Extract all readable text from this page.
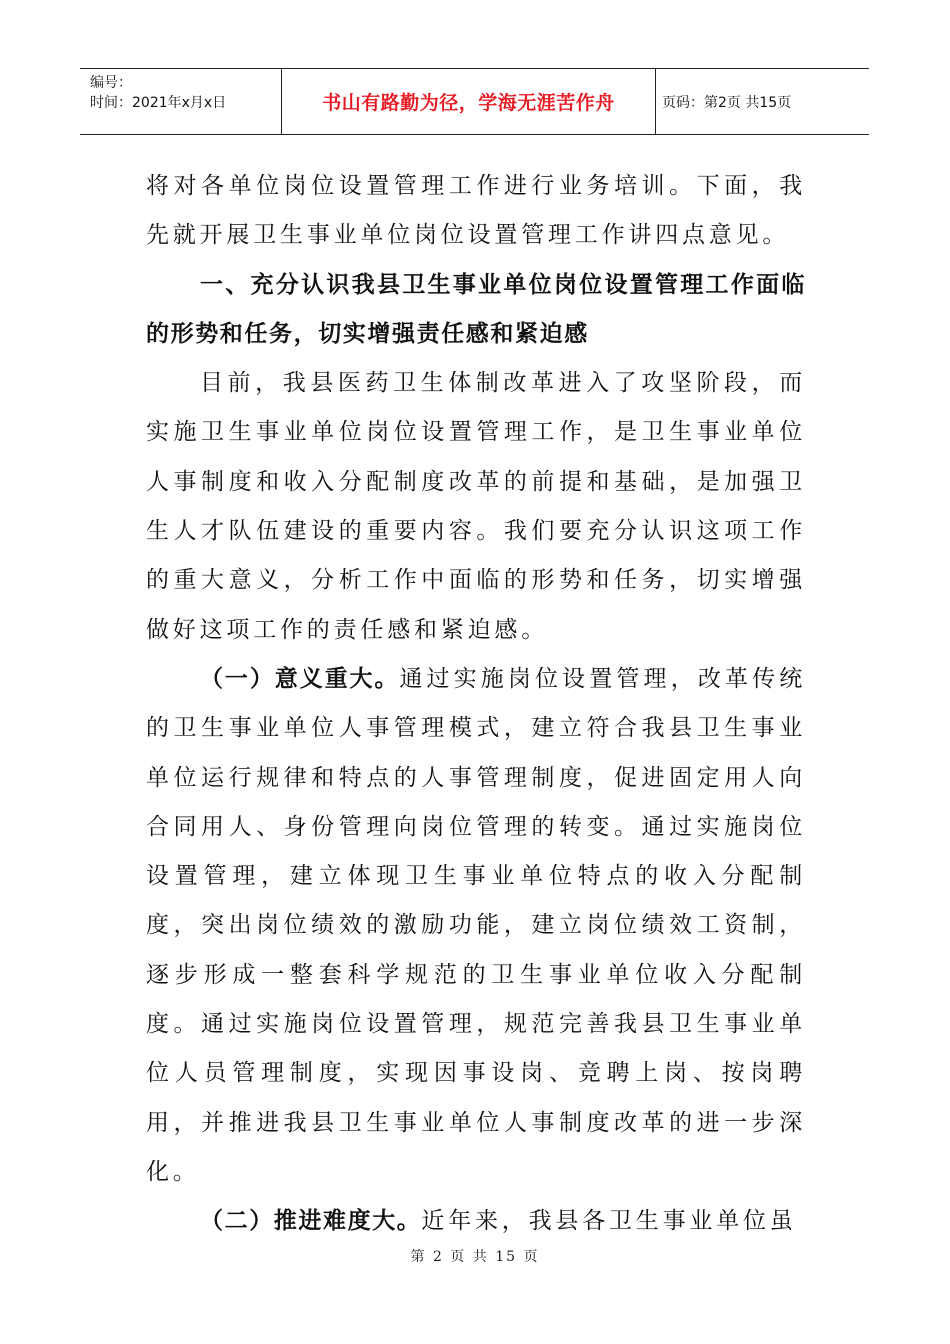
编号：
时间：2021年x月x日	书山有路勤为径，学海无涯苦作舟	页码：第2页 共15页

将对各单位岗位设置管理工作进行业务培训。下面，我先就开展卫生事业单位岗位设置管理工作讲四点意见。

一、充分认识我县卫生事业单位岗位设置管理工作面临的形势和任务，切实增强责任感和紧迫感

目前，我县医药卫生体制改革进入了攻坚阶段，而实施卫生事业单位岗位设置管理工作，是卫生事业单位人事制度和收入分配制度改革的前提和基础，是加强卫生人才队伍建设的重要内容。我们要充分认识这项工作的重大意义，分析工作中面临的形势和任务，切实增强做好这项工作的责任感和紧迫感。

（一）意义重大。通过实施岗位设置管理，改革传统的卫生事业单位人事管理模式，建立符合我县卫生事业单位运行规律和特点的人事管理制度，促进固定用人向合同用人、身份管理向岗位管理的转变。通过实施岗位设置管理，建立体现卫生事业单位特点的收入分配制度，突出岗位绩效的激励功能，建立岗位绩效工资制，逐步形成一整套科学规范的卫生事业单位收入分配制度。通过实施岗位设置管理，规范完善我县卫生事业单位人员管理制度，实现因事设岗、竞聘上岗、按岗聘用，并推进我县卫生事业单位人事制度改革的进一步深化。

（二）推进难度大。近年来，我县各卫生事业单位虽

第 2 页 共 15 页
